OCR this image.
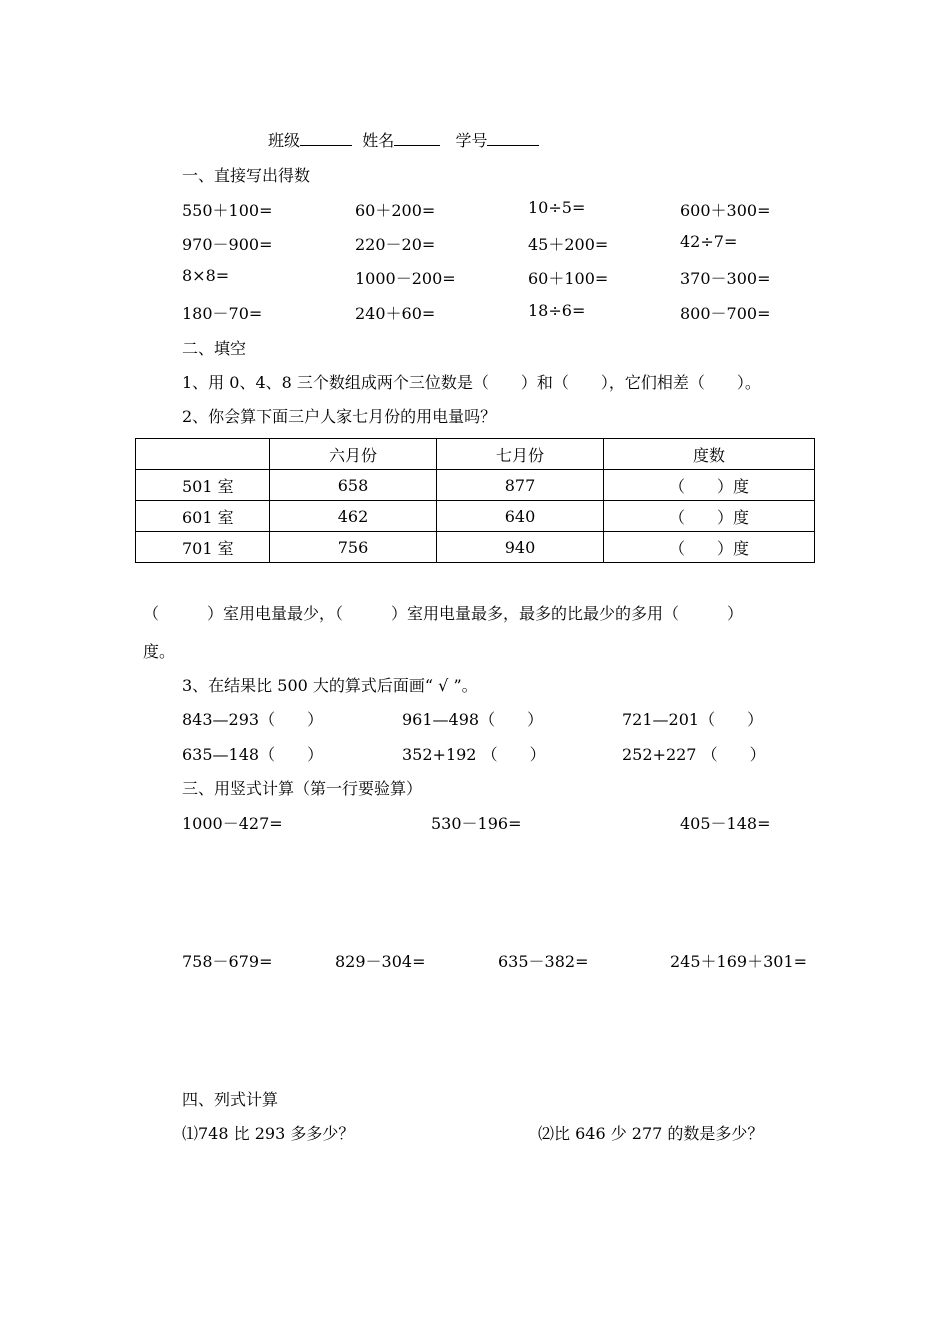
班级	姓名	学号
一、直接写出得数
550＋100=	60＋200=	10÷5=	600＋300=
970－900=	220－20=	45＋200=	42÷7=
8×8=	1000－200=	60＋100=	370－300=
180－70=	240＋60=	18÷6=	800－700=
二、填空
1、用 0、4、8 三个数组成两个三位数是（　　）和（　　），它们相差（　　）。
2、你会算下面三户人家七月份的用电量吗？
	六月份	七月份	度数
501 室	658	877	（　　）度
601 室	462	640	（　　）度
701 室	756	940	（　　）度
（　　　）室用电量最少，（　　　）室用电量最多，最多的比最少的多用（　　　）
度。
3、在结果比 500 大的算式后面画“ √ ”。
843—293（　　）	961—498（　　）	721—201（　　）
635—148（　　）	352+192 （　　）	252+227 （　　）
三、用竖式计算（第一行要验算）
1000－427=	530－196=	405－148=
758－679=	829－304=	635－382=	245＋169＋301=
四、列式计算
⑴748 比 293 多多少？	⑵比 646 少 277 的数是多少？
